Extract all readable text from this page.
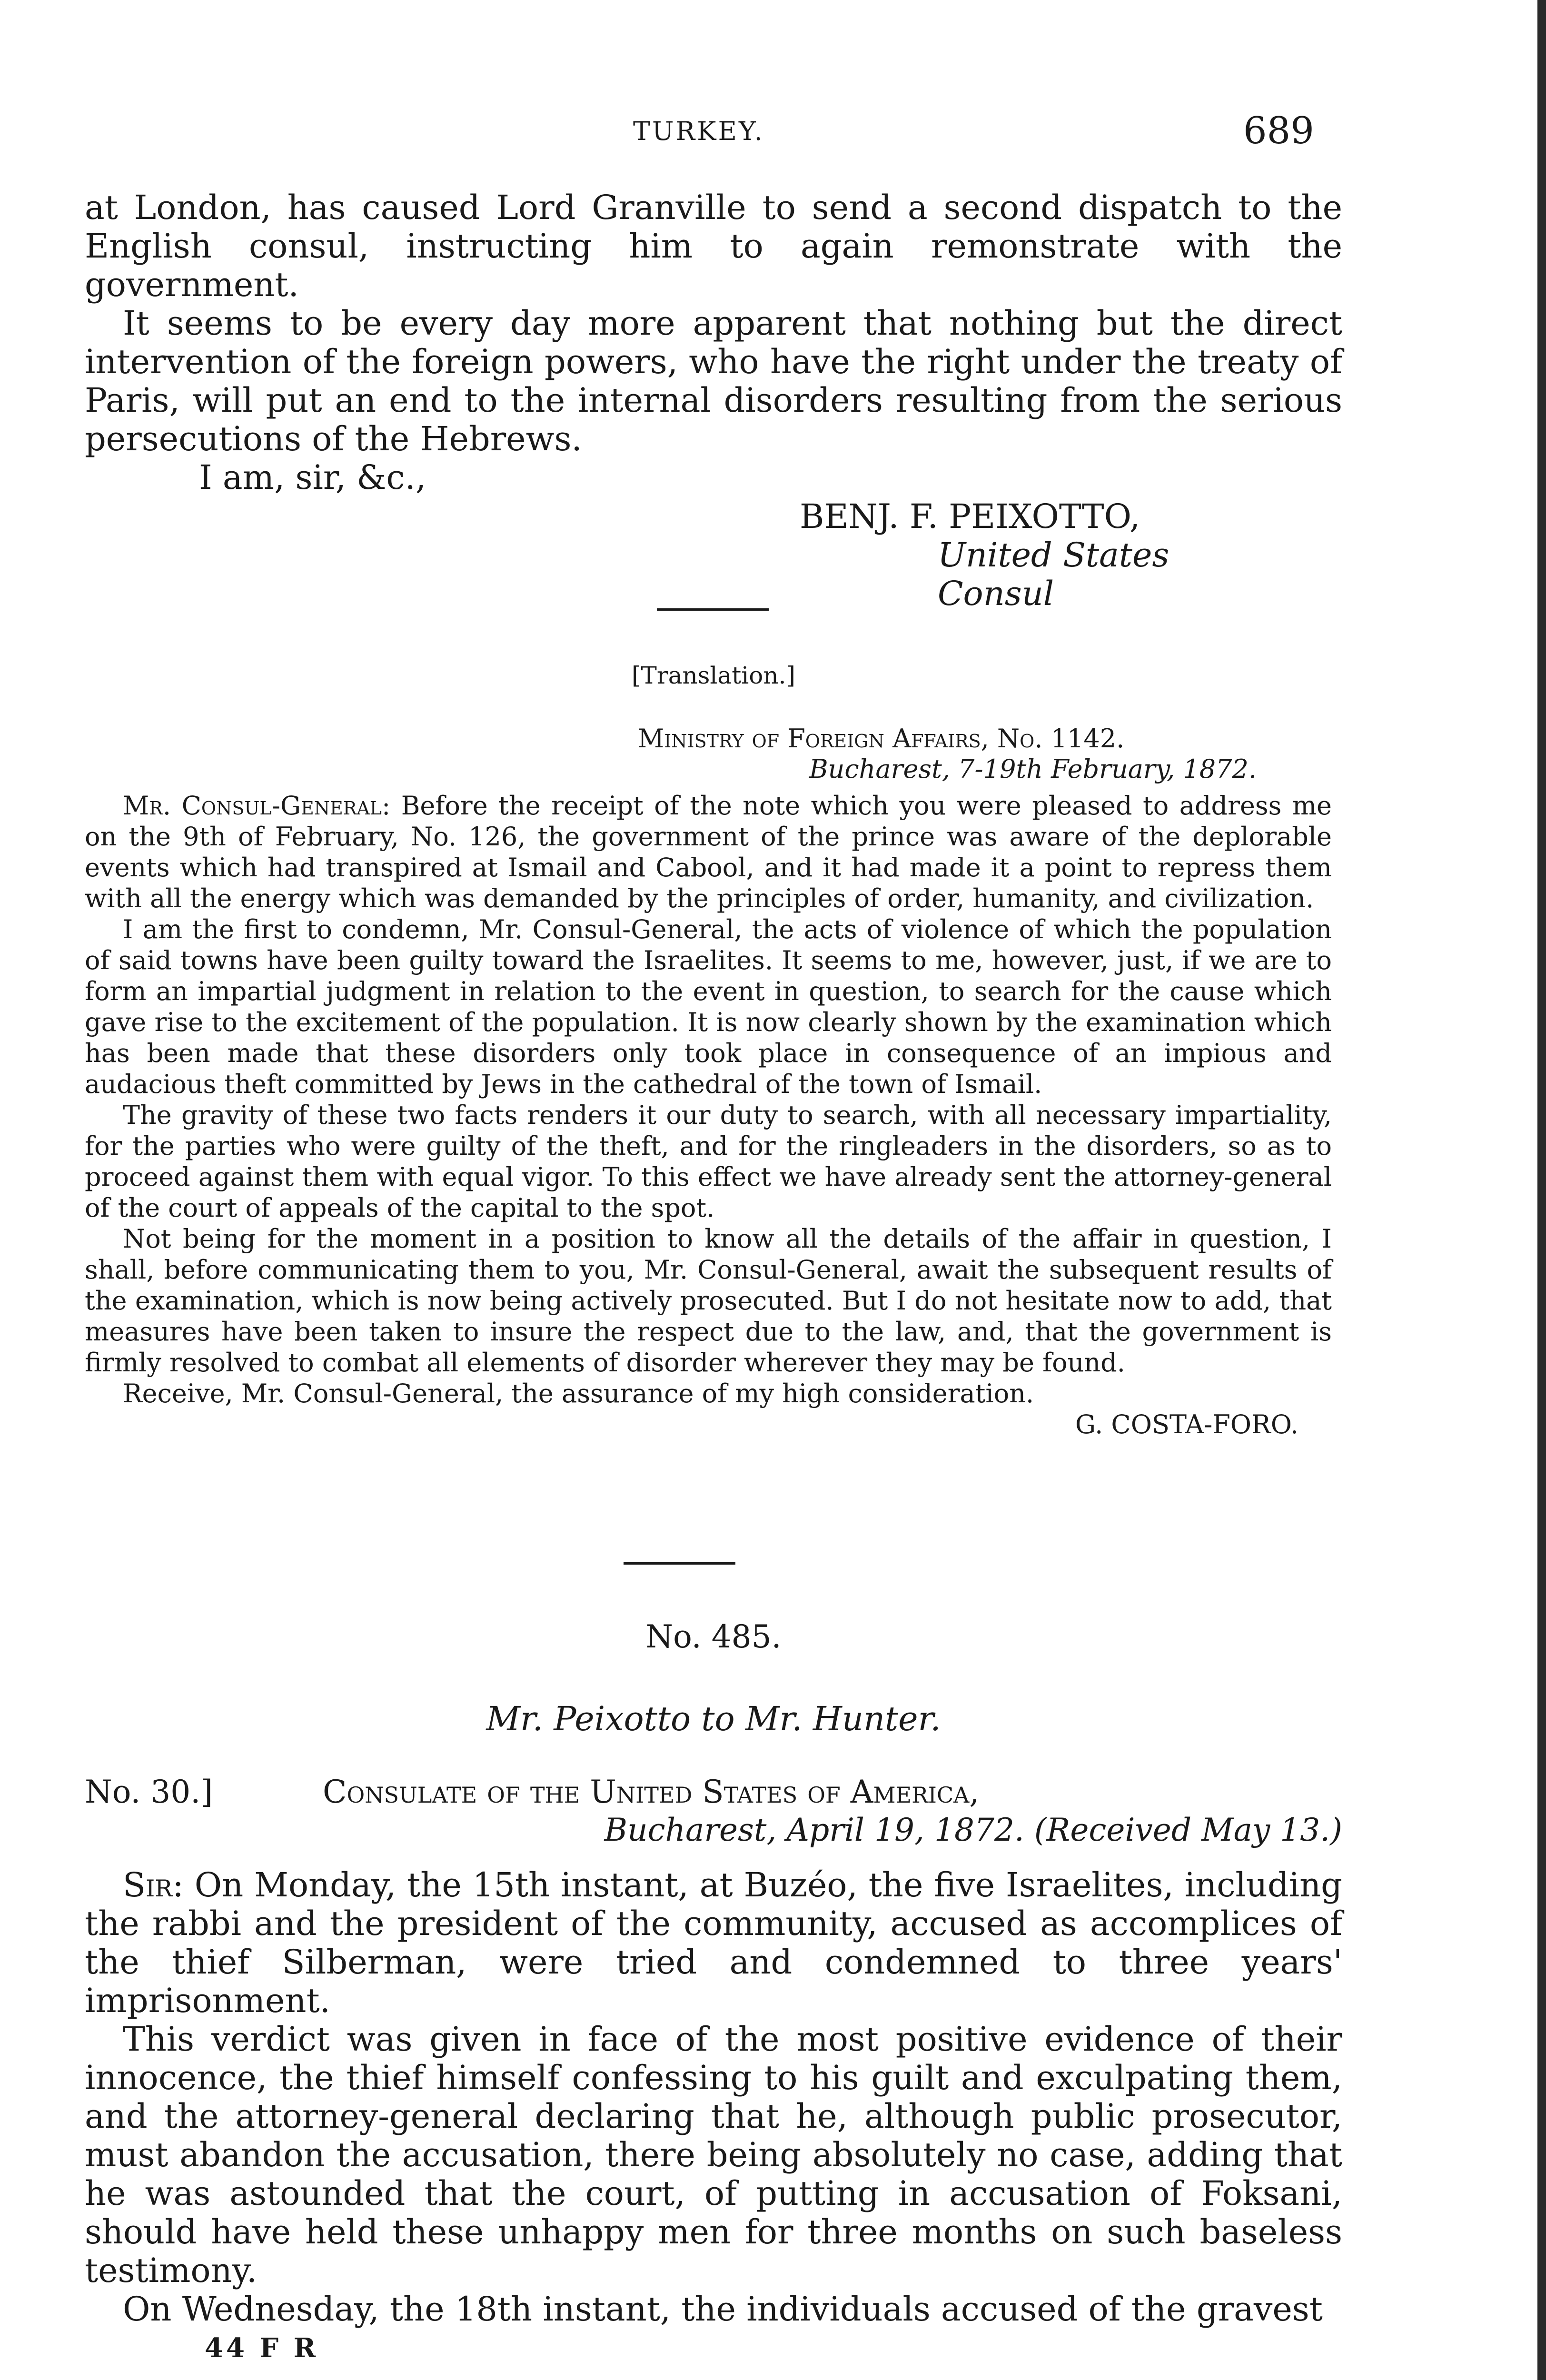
TURKEY.	689

at London, has caused Lord Granville to send a second dispatch to the English consul, instructing him to again remonstrate with the government.

It seems to be every day more apparent that nothing but the direct intervention of the foreign powers, who have the right under the treaty of Paris, will put an end to the internal disorders resulting from the serious persecutions of the Hebrews.

I am, sir, &c.,

BENJ. F. PEIXOTTO,
United States Consul
[Translation.]
Ministry of Foreign Affairs, No. 1142.
Bucharest, 7-19th February, 1872.

Mr. Consul-General: Before the receipt of the note which you were pleased to address me on the 9th of February, No. 126, the government of the prince was aware of the deplorable events which had transpired at Ismail and Cabool, and it had made it a point to repress them with all the energy which was demanded by the principles of order, humanity, and civilization.

I am the first to condemn, Mr. Consul-General, the acts of violence of which the population of said towns have been guilty toward the Israelites. It seems to me, however, just, if we are to form an impartial judgment in relation to the event in question, to search for the cause which gave rise to the excitement of the population. It is now clearly shown by the examination which has been made that these disorders only took place in consequence of an impious and audacious theft committed by Jews in the cathedral of the town of Ismail.

The gravity of these two facts renders it our duty to search, with all necessary impartiality, for the parties who were guilty of the theft, and for the ringleaders in the disorders, so as to proceed against them with equal vigor. To this effect we have already sent the attorney-general of the court of appeals of the capital to the spot.

Not being for the moment in a position to know all the details of the affair in question, I shall, before communicating them to you, Mr. Consul-General, await the subsequent results of the examination, which is now being actively prosecuted. But I do not hesitate now to add, that measures have been taken to insure the respect due to the law, and, that the government is firmly resolved to combat all elements of disorder wherever they may be found.

Receive, Mr. Consul-General, the assurance of my high consideration.

G. COSTA-FORO.

No. 485.
Mr. Peixotto to Mr. Hunter.
No. 30.]	Consulate of the United States of America,
Bucharest, April 19, 1872. (Received May 13.)

Sir: On Monday, the 15th instant, at Buzéo, the five Israelites, including the rabbi and the president of the community, accused as accomplices of the thief Silberman, were tried and condemned to three years' imprisonment.

This verdict was given in face of the most positive evidence of their innocence, the thief himself confessing to his guilt and exculpating them, and the attorney-general declaring that he, although public prosecutor, must abandon the accusation, there being absolutely no case, adding that he was astounded that the court, of putting in accusation of Foksani, should have held these unhappy men for three months on such baseless testimony.

On Wednesday, the 18th instant, the individuals accused of the gravest

44 F R
